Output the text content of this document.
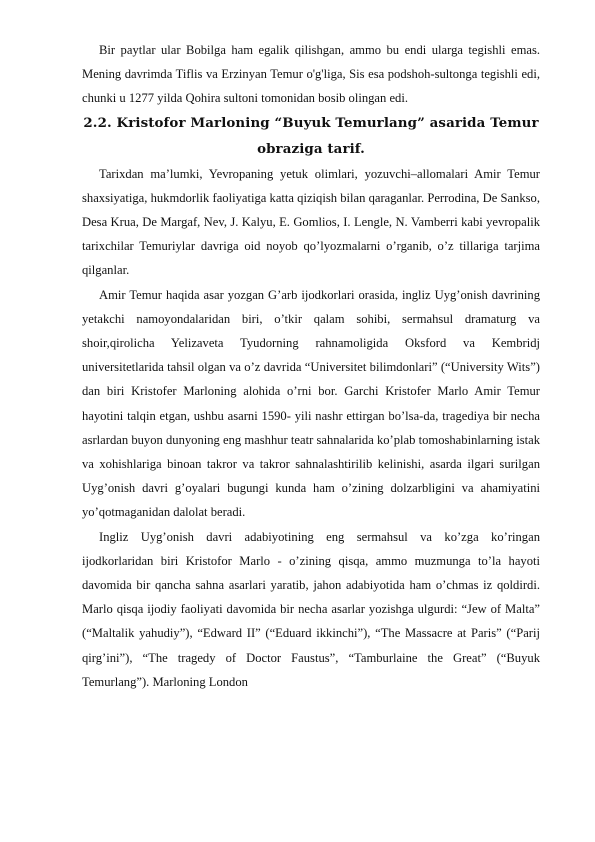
Bir paytlar ular Bobilga ham egalik qilishgan, ammo bu endi ularga tegishli emas. Mening davrimda Tiflis va Erzinyan Temur o'g'liga, Sis esa podshoh-sultonga tegishli edi, chunki u 1277 yilda Qohira sultoni tomonidan bosib olingan edi.

2.2. Kristofor Marloning “Buyuk Temurlang” asarida Temur
obraziga tarif.

Tarixdan ma’lumki, Yevropaning yetuk olimlari, yozuvchi–allomalari Amir Temur shaxsiyatiga, hukmdorlik faoliyatiga katta qiziqish bilan qaraganlar. Perrodina, De Sankso, Desa Krua, De Margaf, Nev, J. Kalyu, E. Gomlios, I. Lengle, N. Vamberri kabi yevropalik tarixchilar Temuriylar davriga oid noyob qo’lyozmalarni o’rganib, o’z tillariga tarjima qilganlar.

Amir Temur haqida asar yozgan G’arb ijodkorlari orasida, ingliz Uyg’onish davrining yetakchi namoyondalaridan biri, o’tkir qalam sohibi, sermahsul dramaturg va shoir,qirolicha Yelizaveta Tyudorning rahnamoligida Oksford va Kembridj universitetlarida tahsil olgan va o’z davrida “Universitet bilimdonlari” (“University Wits”) dan biri Kristofer Marloning alohida o’rni bor. Garchi Kristofer Marlo Amir Temur hayotini talqin etgan, ushbu asarni 1590- yili nashr ettirgan bo’lsa-da, tragediya bir necha asrlardan buyon dunyoning eng mashhur teatr sahnalarida ko’plab tomoshabinlarning istak va xohishlariga binoan takror va takror sahnalashtirilib kelinishi, asarda ilgari surilgan Uyg’onish davri g’oyalari bugungi kunda ham o’zining dolzarbligini va ahamiyatini yo’qotmaganidan dalolat beradi.

Ingliz Uyg’onish davri adabiyotining eng sermahsul va ko’zga ko’ringan ijodkorlaridan biri Kristofor Marlo - o’zining qisqa, ammo muzmunga to’la hayoti davomida bir qancha sahna asarlari yaratib, jahon adabiyotida ham o’chmas iz qoldirdi. Marlo qisqa ijodiy faoliyati davomida bir necha asarlar yozishga ulgurdi: “Jew of Malta” (“Maltalik yahudiy”), “Edward II” (“Eduard ikkinchi”), “The Massacre at Paris” (“Parij qirg’ini”), “The tragedy of Doctor Faustus”, “Tamburlaine the Great” (“Buyuk Temurlang”). Marloning London
